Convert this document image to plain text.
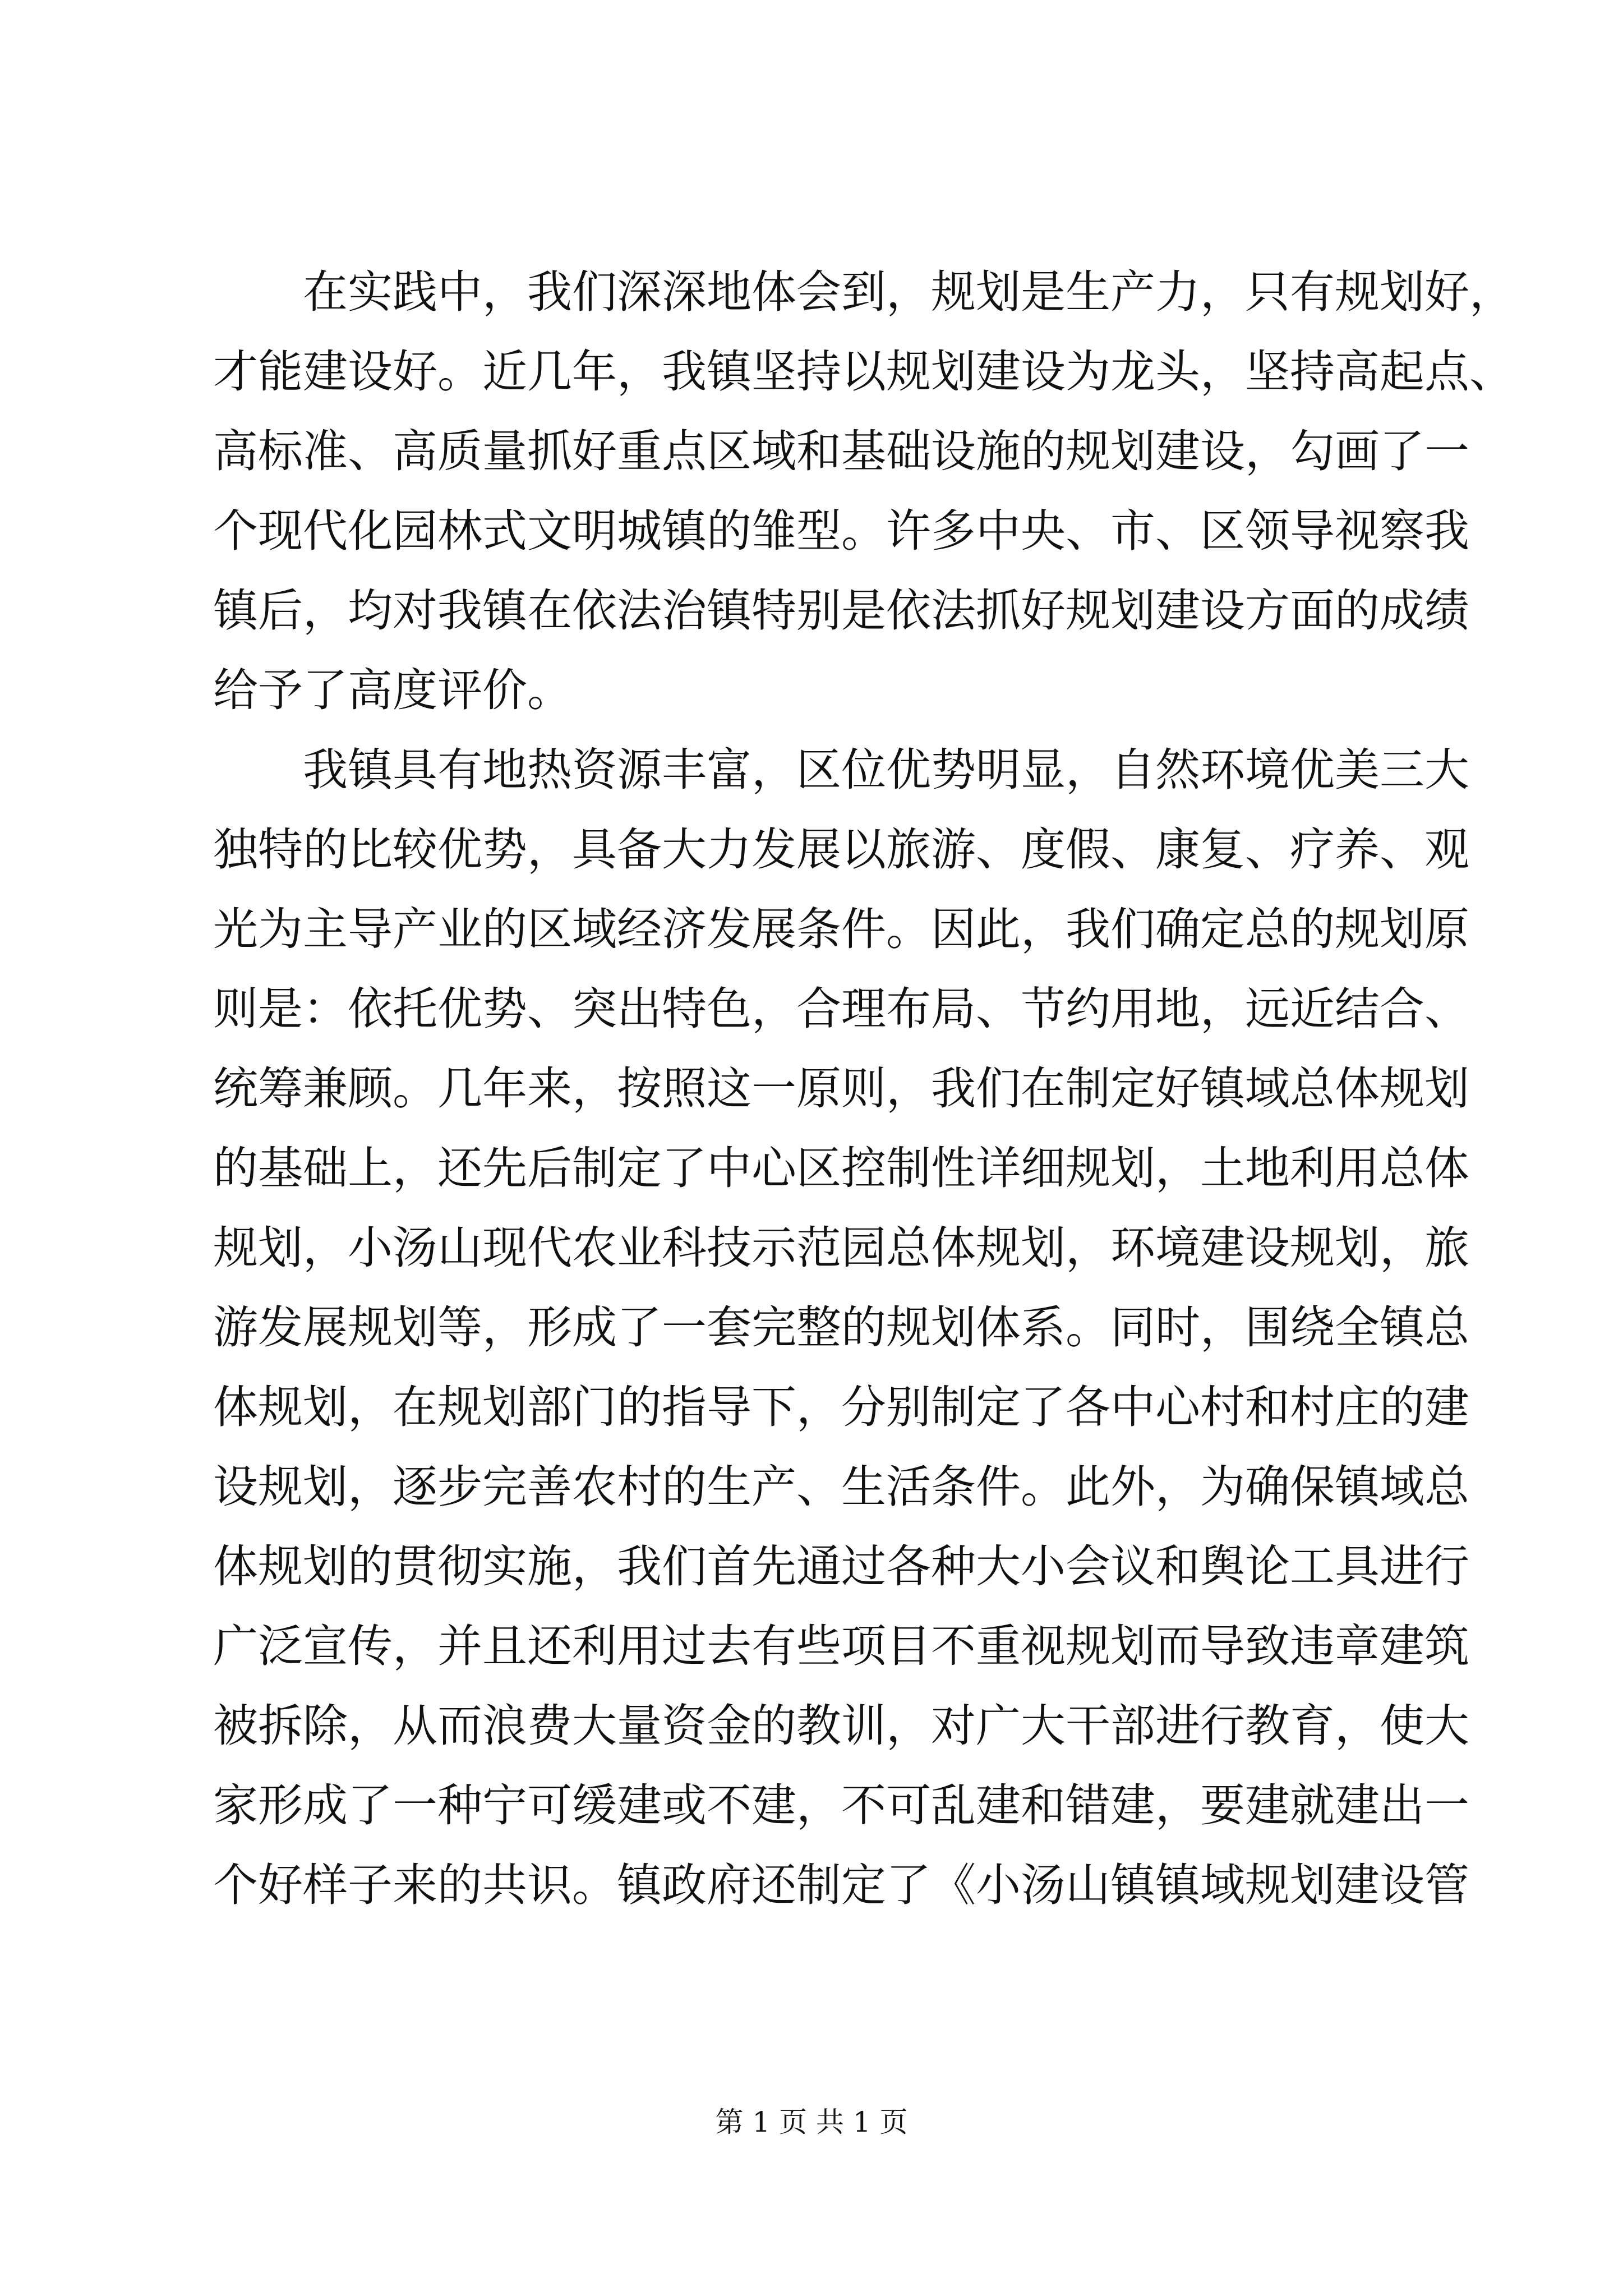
在实践中，我们深深地体会到，规划是生产力，只有规划好，
才能建设好。近几年，我镇坚持以规划建设为龙头，坚持高起点、
高标准、高质量抓好重点区域和基础设施的规划建设，勾画了一
个现代化园林式文明城镇的雏型。许多中央、市、区领导视察我
镇后，均对我镇在依法治镇特别是依法抓好规划建设方面的成绩
给予了高度评价。
我镇具有地热资源丰富，区位优势明显，自然环境优美三大
独特的比较优势，具备大力发展以旅游、度假、康复、疗养、观
光为主导产业的区域经济发展条件。因此，我们确定总的规划原
则是：依托优势、突出特色，合理布局、节约用地，远近结合、
统筹兼顾。几年来，按照这一原则，我们在制定好镇域总体规划
的基础上，还先后制定了中心区控制性详细规划，土地利用总体
规划，小汤山现代农业科技示范园总体规划，环境建设规划，旅
游发展规划等，形成了一套完整的规划体系。同时，围绕全镇总
体规划，在规划部门的指导下，分别制定了各中心村和村庄的建
设规划，逐步完善农村的生产、生活条件。此外，为确保镇域总
体规划的贯彻实施，我们首先通过各种大小会议和舆论工具进行
广泛宣传，并且还利用过去有些项目不重视规划而导致违章建筑
被拆除，从而浪费大量资金的教训，对广大干部进行教育，使大
家形成了一种宁可缓建或不建，不可乱建和错建，要建就建出一
个好样子来的共识。镇政府还制定了《小汤山镇镇域规划建设管
第 1 页 共 1 页
